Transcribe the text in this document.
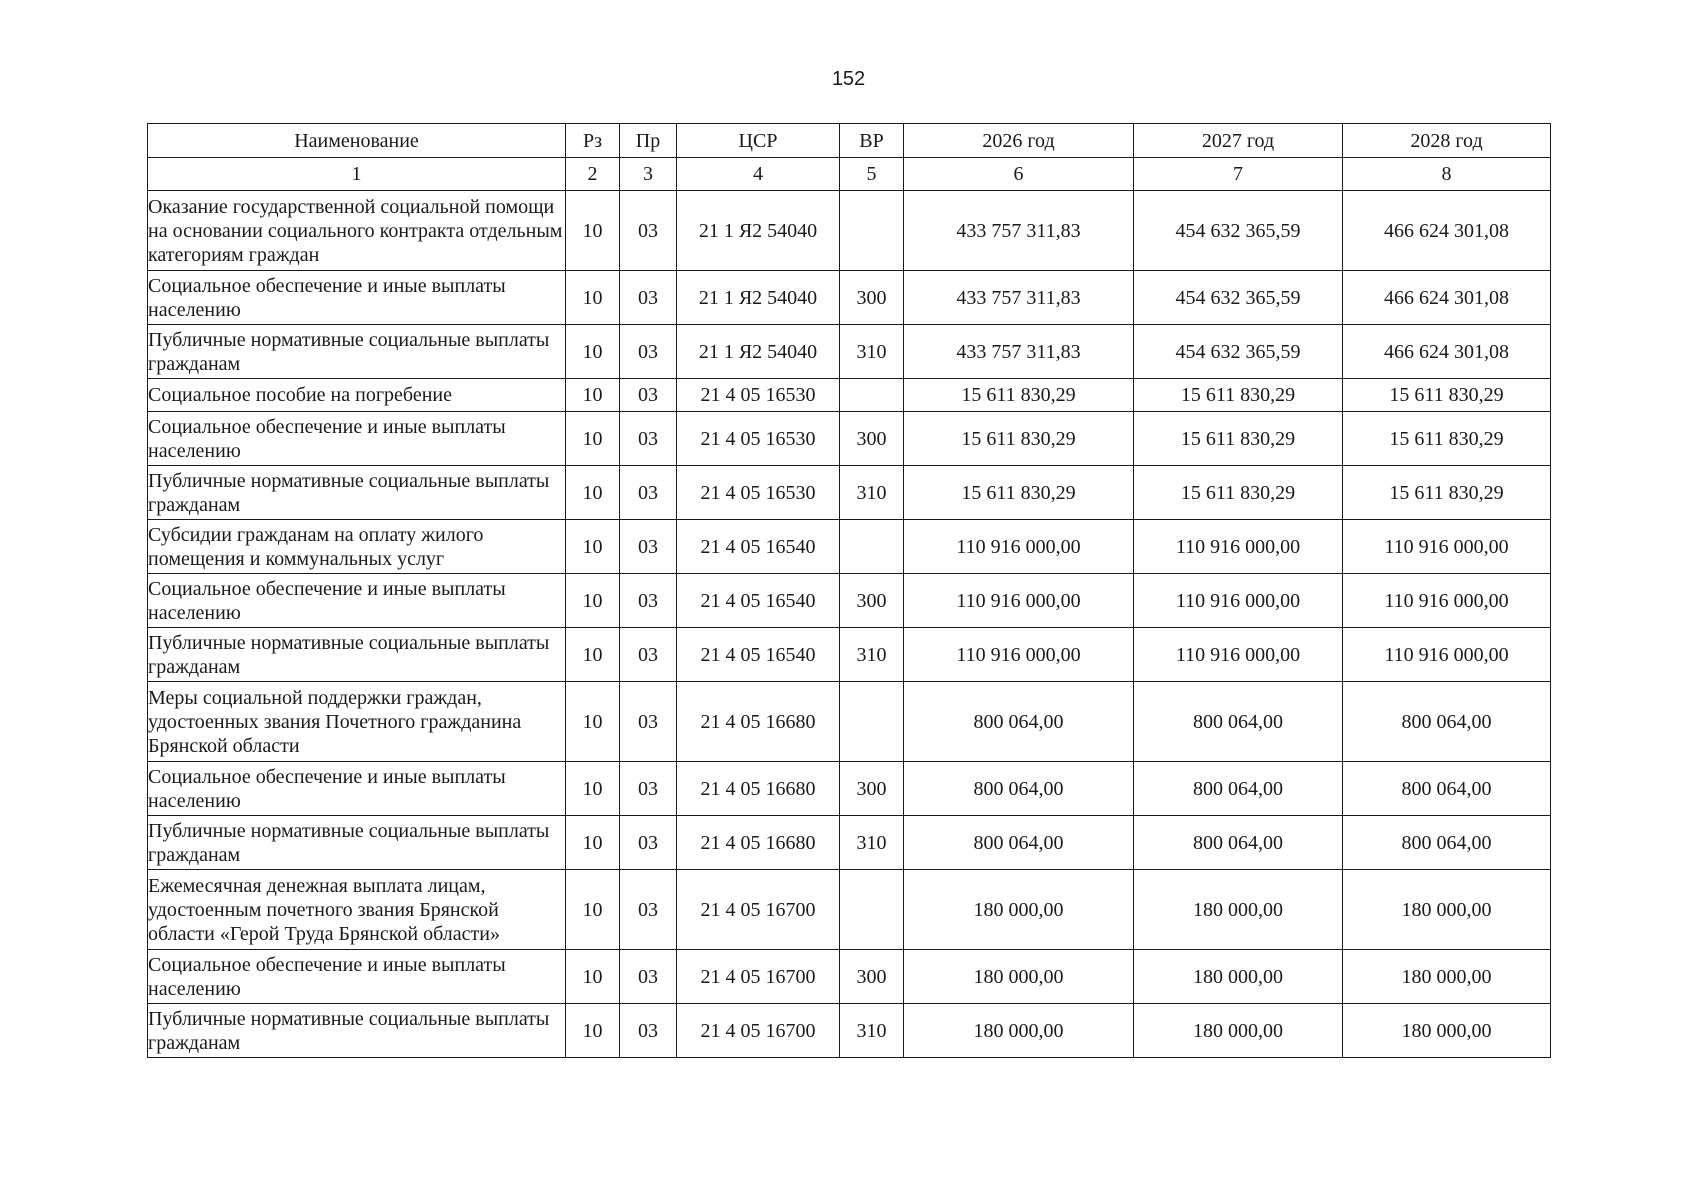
152
Наименование	Рз	Пр	ЦСР	ВР	2026 год	2027 год	2028 год
1	2	3	4	5	6	7	8
Оказание государственной социальной помощи на основании социального контракта отдельным категориям граждан	10	03	21 1 Я2 54040		433 757 311,83	454 632 365,59	466 624 301,08
Социальное обеспечение и иные выплаты населению	10	03	21 1 Я2 54040	300	433 757 311,83	454 632 365,59	466 624 301,08
Публичные нормативные социальные выплаты гражданам	10	03	21 1 Я2 54040	310	433 757 311,83	454 632 365,59	466 624 301,08
Социальное пособие на погребение	10	03	21 4 05 16530		15 611 830,29	15 611 830,29	15 611 830,29
Социальное обеспечение и иные выплаты населению	10	03	21 4 05 16530	300	15 611 830,29	15 611 830,29	15 611 830,29
Публичные нормативные социальные выплаты гражданам	10	03	21 4 05 16530	310	15 611 830,29	15 611 830,29	15 611 830,29
Субсидии гражданам на оплату жилого помещения и коммунальных услуг	10	03	21 4 05 16540		110 916 000,00	110 916 000,00	110 916 000,00
Социальное обеспечение и иные выплаты населению	10	03	21 4 05 16540	300	110 916 000,00	110 916 000,00	110 916 000,00
Публичные нормативные социальные выплаты гражданам	10	03	21 4 05 16540	310	110 916 000,00	110 916 000,00	110 916 000,00
Меры социальной поддержки граждан, удостоенных звания Почетного гражданина Брянской области	10	03	21 4 05 16680		800 064,00	800 064,00	800 064,00
Социальное обеспечение и иные выплаты населению	10	03	21 4 05 16680	300	800 064,00	800 064,00	800 064,00
Публичные нормативные социальные выплаты гражданам	10	03	21 4 05 16680	310	800 064,00	800 064,00	800 064,00
Ежемесячная денежная выплата лицам, удостоенным почетного звания Брянской области «Герой Труда Брянской области»	10	03	21 4 05 16700		180 000,00	180 000,00	180 000,00
Социальное обеспечение и иные выплаты населению	10	03	21 4 05 16700	300	180 000,00	180 000,00	180 000,00
Публичные нормативные социальные выплаты гражданам	10	03	21 4 05 16700	310	180 000,00	180 000,00	180 000,00
